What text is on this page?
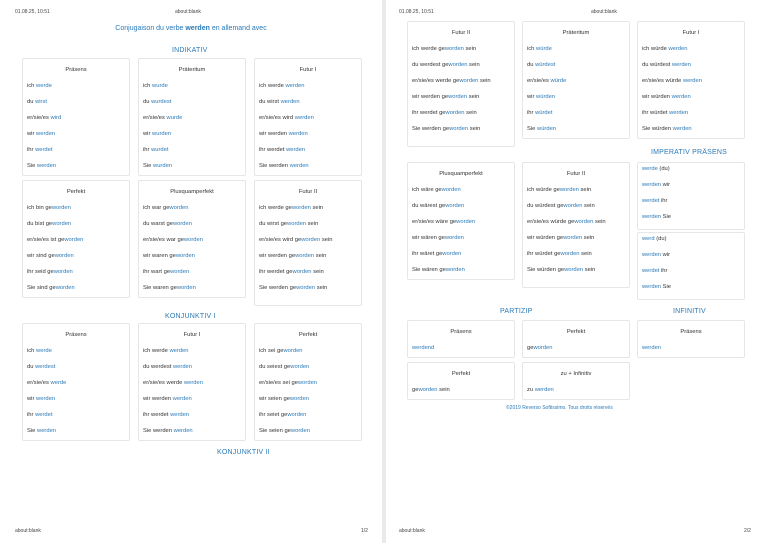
01.08.25, 10:51	about:blank
Conjugaison du verbe werden en allemand avec
INDIKATIV
Präsens
ich werde
du wirst
er/sie/es wird
wir werden
ihr werdet
Sie werden
Präteritum
ich wurde
du wurdest
er/sie/es wurde
wir wurden
ihr wurdet
Sie wurden
Futur I
ich werde werden
du wirst werden
er/sie/es wird werden
wir werden werden
ihr werdet werden
Sie werden werden
Perfekt
ich bin geworden
du bist geworden
er/sie/es ist geworden
wir sind geworden
ihr seid geworden
Sie sind geworden
Plusquamperfekt
ich war geworden
du warst geworden
er/sie/es war geworden
wir waren geworden
ihr wart geworden
Sie waren geworden
Futur II
ich werde geworden sein
du wirst geworden sein
er/sie/es wird geworden sein
wir werden geworden sein
ihr werdet geworden sein
Sie werden geworden sein
KONJUNKTIV I
Präsens
ich werde
du werdest
er/sie/es werde
wir werden
ihr werdet
Sie werden
Futur I
ich werde werden
du werdest werden
er/sie/es werde werden
wir werden werden
ihr werdet werden
Sie werden werden
Perfekt
ich sei geworden
du seiest geworden
er/sie/es sei geworden
wir seien geworden
ihr seiet geworden
Sie seien geworden
KONJUNKTIV II
about:blank	1/2
01.08.25, 10:51	about:blank
Futur II
ich werde geworden sein
du werdest geworden sein
er/sie/es werde geworden sein
wir werden geworden sein
ihr werdet geworden sein
Sie werden geworden sein
Präteritum
ich würde
du würdest
er/sie/es würde
wir würden
ihr würdet
Sie würden
Futur I
ich würde werden
du würdest werden
er/sie/es würde werden
wir würden werden
ihr würdet werden
Sie würden werden
IMPERATIV PRÄSENS
Plusquamperfekt
ich wäre geworden
du wärest geworden
er/sie/es wäre geworden
wir wären geworden
ihr wäret geworden
Sie wären geworden
Futur II
ich würde geworden sein
du würdest geworden sein
er/sie/es würde geworden sein
wir würden geworden sein
ihr würdet geworden sein
Sie würden geworden sein
werde (du)
werden wir
werdet ihr
werden Sie
werd (du)
werden wir
werdet ihr
werden Sie
PARTIZIP	INFINITIV
Präsens
werdend
Perfekt
geworden
Präsens
werden
Perfekt
geworden sein
zu + Infinitiv
zu werden
©2019 Reverso Softissimo. Tous droits réservés
about:blank	2/2
